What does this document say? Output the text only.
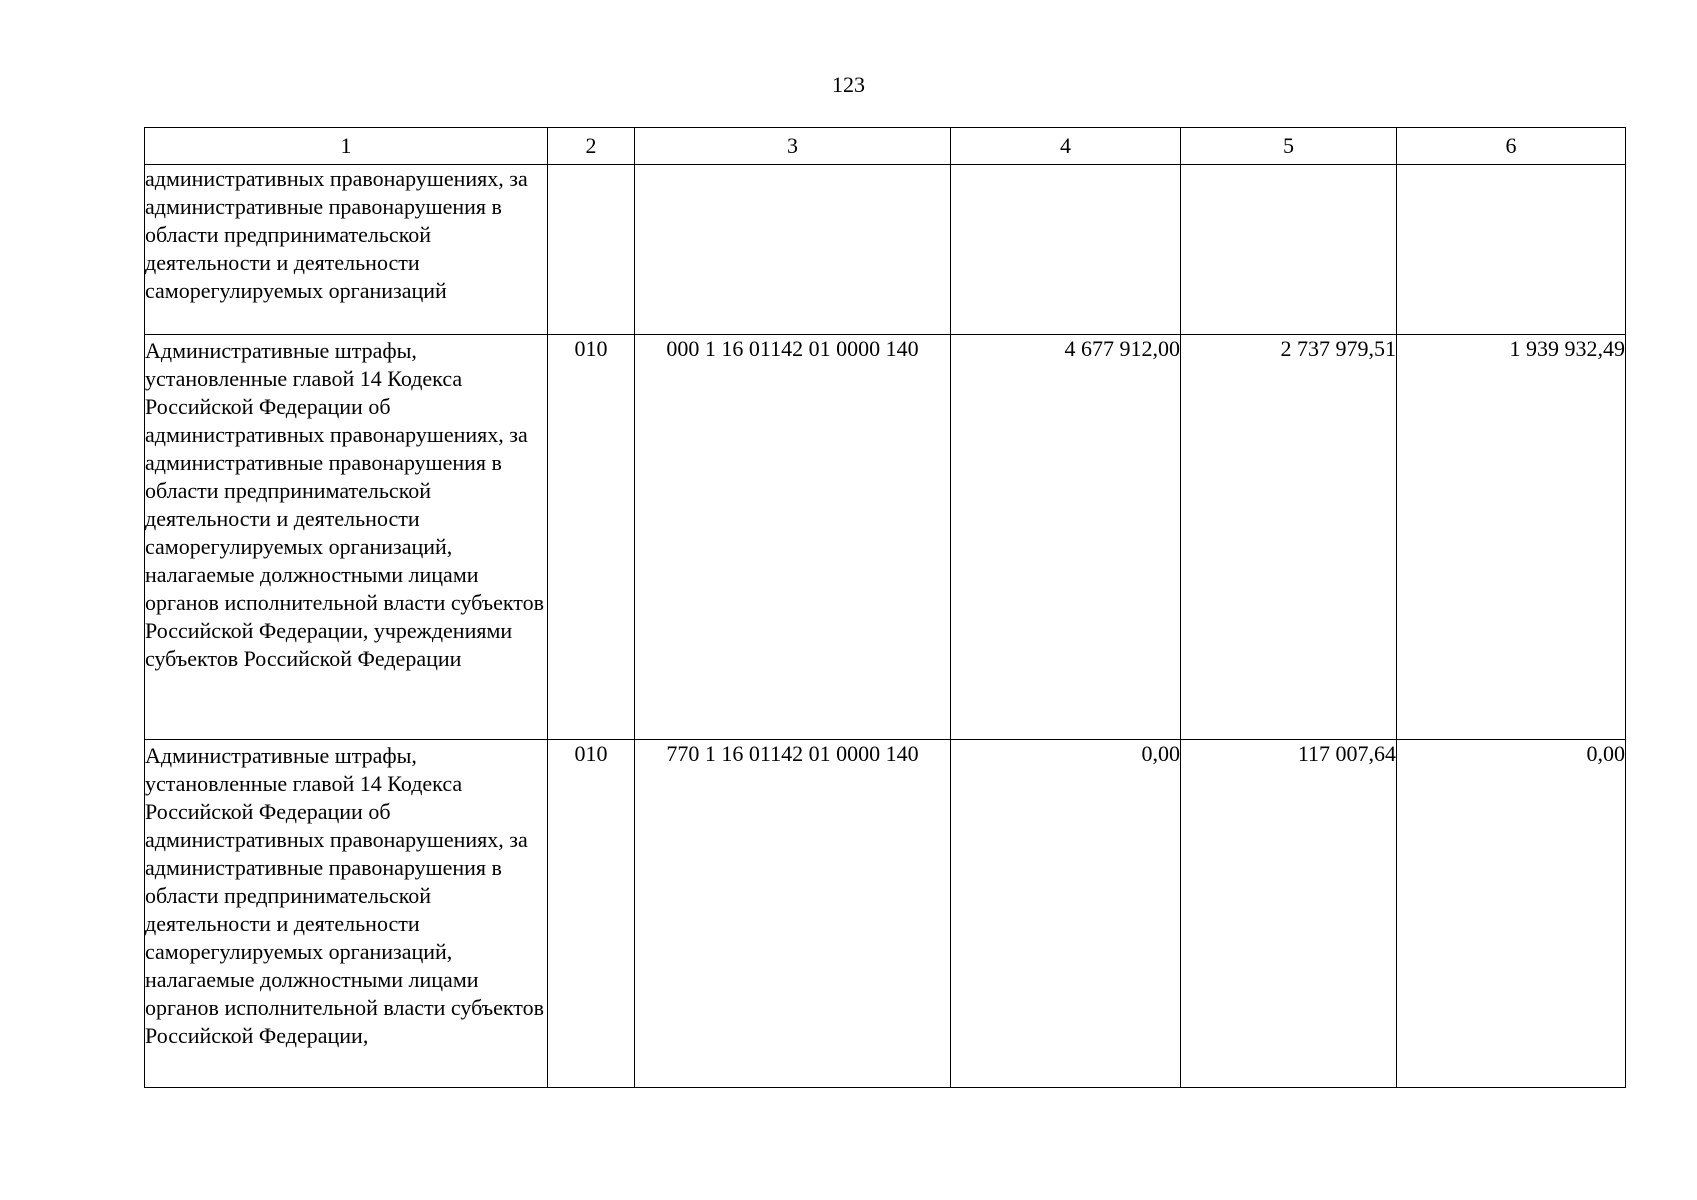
123
1	2	3	4	5	6
административных правонарушениях, за административные правонарушения в области предпринимательской деятельности и деятельности саморегулируемых организаций					
Административные штрафы, установленные главой 14 Кодекса Российской Федерации об административных правонарушениях, за административные правонарушения в области предпринимательской деятельности и деятельности саморегулируемых организаций, налагаемые должностными лицами органов исполнительной власти субъектов Российской Федерации, учреждениями субъектов Российской Федерации	010	000 1 16 01142 01 0000 140	4 677 912,00	2 737 979,51	1 939 932,49
Административные штрафы, установленные главой 14 Кодекса Российской Федерации об административных правонарушениях, за административные правонарушения в области предпринимательской деятельности и деятельности саморегулируемых организаций, налагаемые должностными лицами органов исполнительной власти субъектов Российской Федерации,	010	770 1 16 01142 01 0000 140	0,00	117 007,64	0,00
